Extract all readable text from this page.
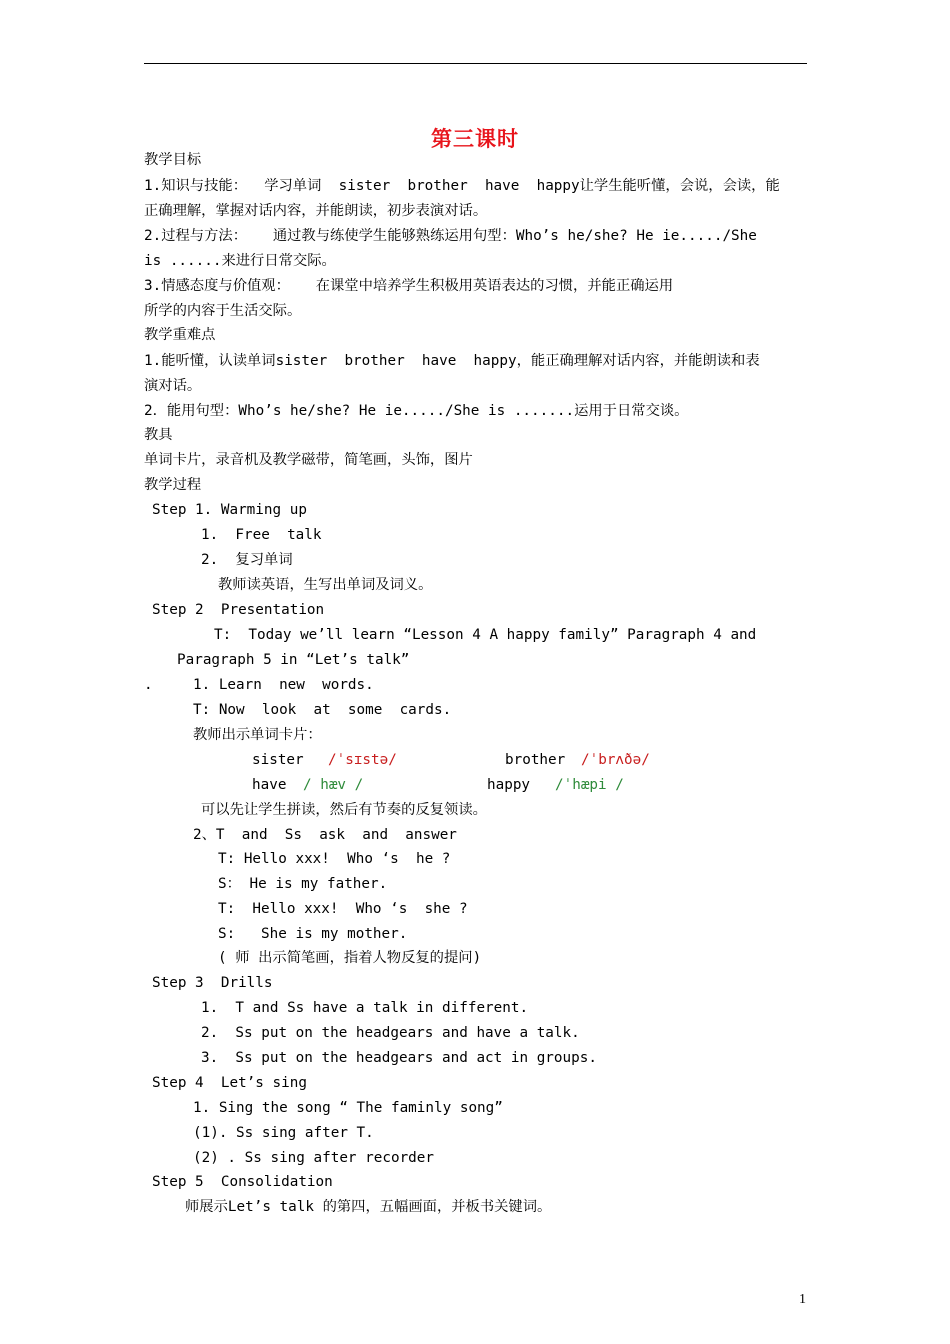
第三课时
教学目标
1.知识与技能：  学习单词  sister  brother  have  happy让学生能听懂，会说，会读，能
正确理解，掌握对话内容，并能朗读，初步表演对话。
2.过程与方法：   通过教与练使学生能够熟练运用句型：Who’s he/she? He ie...../She
is ......来进行日常交际。
3.情感态度与价值观：   在课堂中培养学生积极用英语表达的习惯，并能正确运用
所学的内容于生活交际。
教学重难点
1.能听懂，认读单词sister  brother  have  happy，能正确理解对话内容，并能朗读和表
演对话。
2．能用句型：Who’s he/she? He ie...../She is .......运用于日常交谈。
教具
单词卡片，录音机及教学磁带，简笔画，头饰，图片
教学过程
Step 1. Warming up
1.  Free  talk
2.  复习单词
教师读英语，生写出单词及词义。
Step 2  Presentation
T:  Today we’ll learn “Lesson 4 A happy family” Paragraph 4 and
Paragraph 5 in “Let’s talk”
.	1. Learn  new  words.
T: Now  look  at  some  cards.
教师出示单词卡片：
sister /ˈsɪstə/	brother /ˈbrʌðə/
have / hæv /	happy /ˈhæpi /
可以先让学生拼读，然后有节奏的反复领读。
2、T  and  Ss  ask  and  answer
T: Hello xxx!  Who ‘s  he ?
S： He is my father.
T:  Hello xxx!  Who ‘s  she ?
S:   She is my mother.
( 师 出示简笔画，指着人物反复的提问)
Step 3  Drills
1.  T and Ss have a talk in different.
2.  Ss put on the headgears and have a talk.
3.  Ss put on the headgears and act in groups.
Step 4  Let’s sing
1. Sing the song “ The faminly song”
(1). Ss sing after T.
(2) . Ss sing after recorder
Step 5  Consolidation
师展示Let’s talk 的第四，五幅画面，并板书关键词。
1
